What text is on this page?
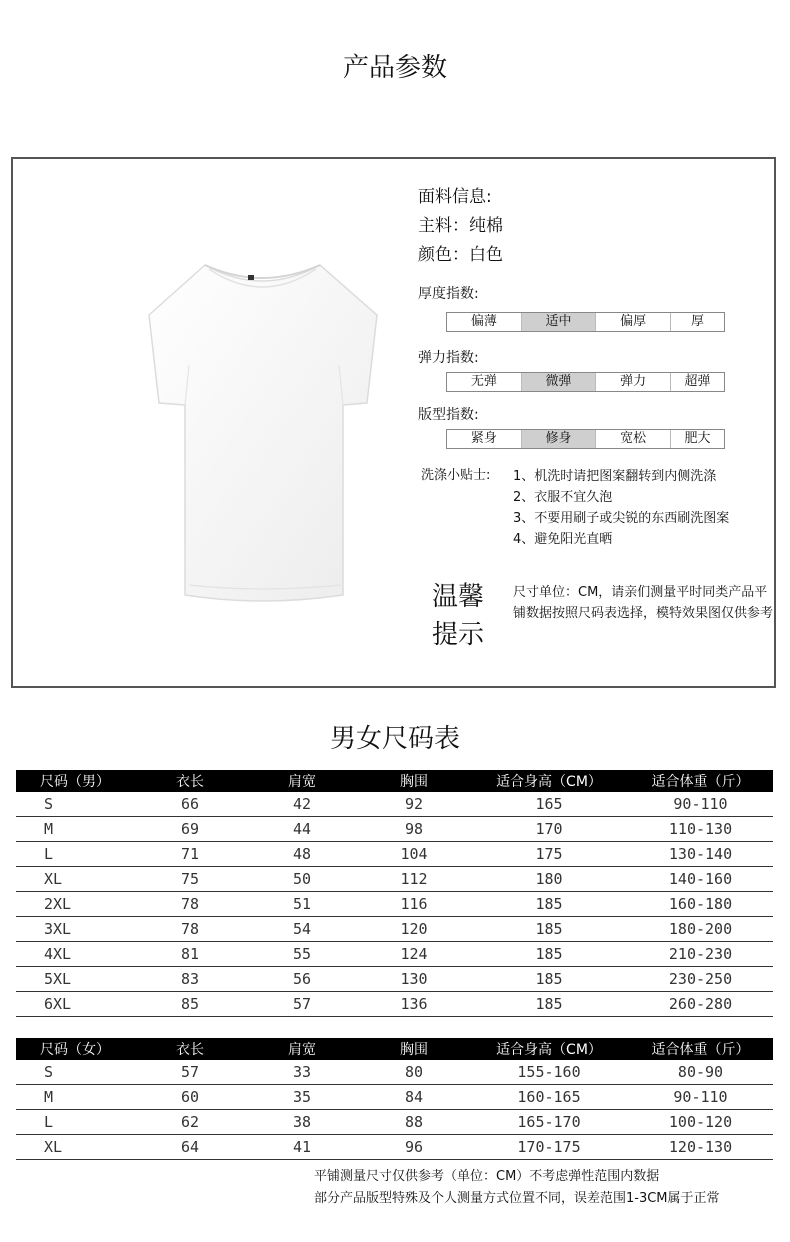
产品参数
面料信息:
主料：纯棉
颜色：白色
厚度指数:
偏薄	适中	偏厚	厚
弹力指数:
无弹	微弹	弹力	超弹
版型指数:
紧身	修身	宽松	肥大
洗涤小贴士: 1、机洗时请把图案翻转到内侧洗涤
2、衣服不宜久泡
3、不要用刷子或尖锐的东西刷洗图案
4、避免阳光直晒
温馨
提示
尺寸单位：CM，请亲们测量平时同类产品平铺数据按照尺码表选择，模特效果图仅供参考
男女尺码表
尺码（男）	衣长	肩宽	胸围	适合身高（CM）	适合体重（斤）
S	66	42	92	165	90-110
M	69	44	98	170	110-130
L	71	48	104	175	130-140
XL	75	50	112	180	140-160
2XL	78	51	116	185	160-180
3XL	78	54	120	185	180-200
4XL	81	55	124	185	210-230
5XL	83	56	130	185	230-250
6XL	85	57	136	185	260-280
尺码（女）	衣长	肩宽	胸围	适合身高（CM）	适合体重（斤）
S	57	33	80	155-160	80-90
M	60	35	84	160-165	90-110
L	62	38	88	165-170	100-120
XL	64	41	96	170-175	120-130
平铺测量尺寸仅供参考（单位：CM）不考虑弹性范围内数据
部分产品版型特殊及个人测量方式位置不同，误差范围1-3CM属于正常
